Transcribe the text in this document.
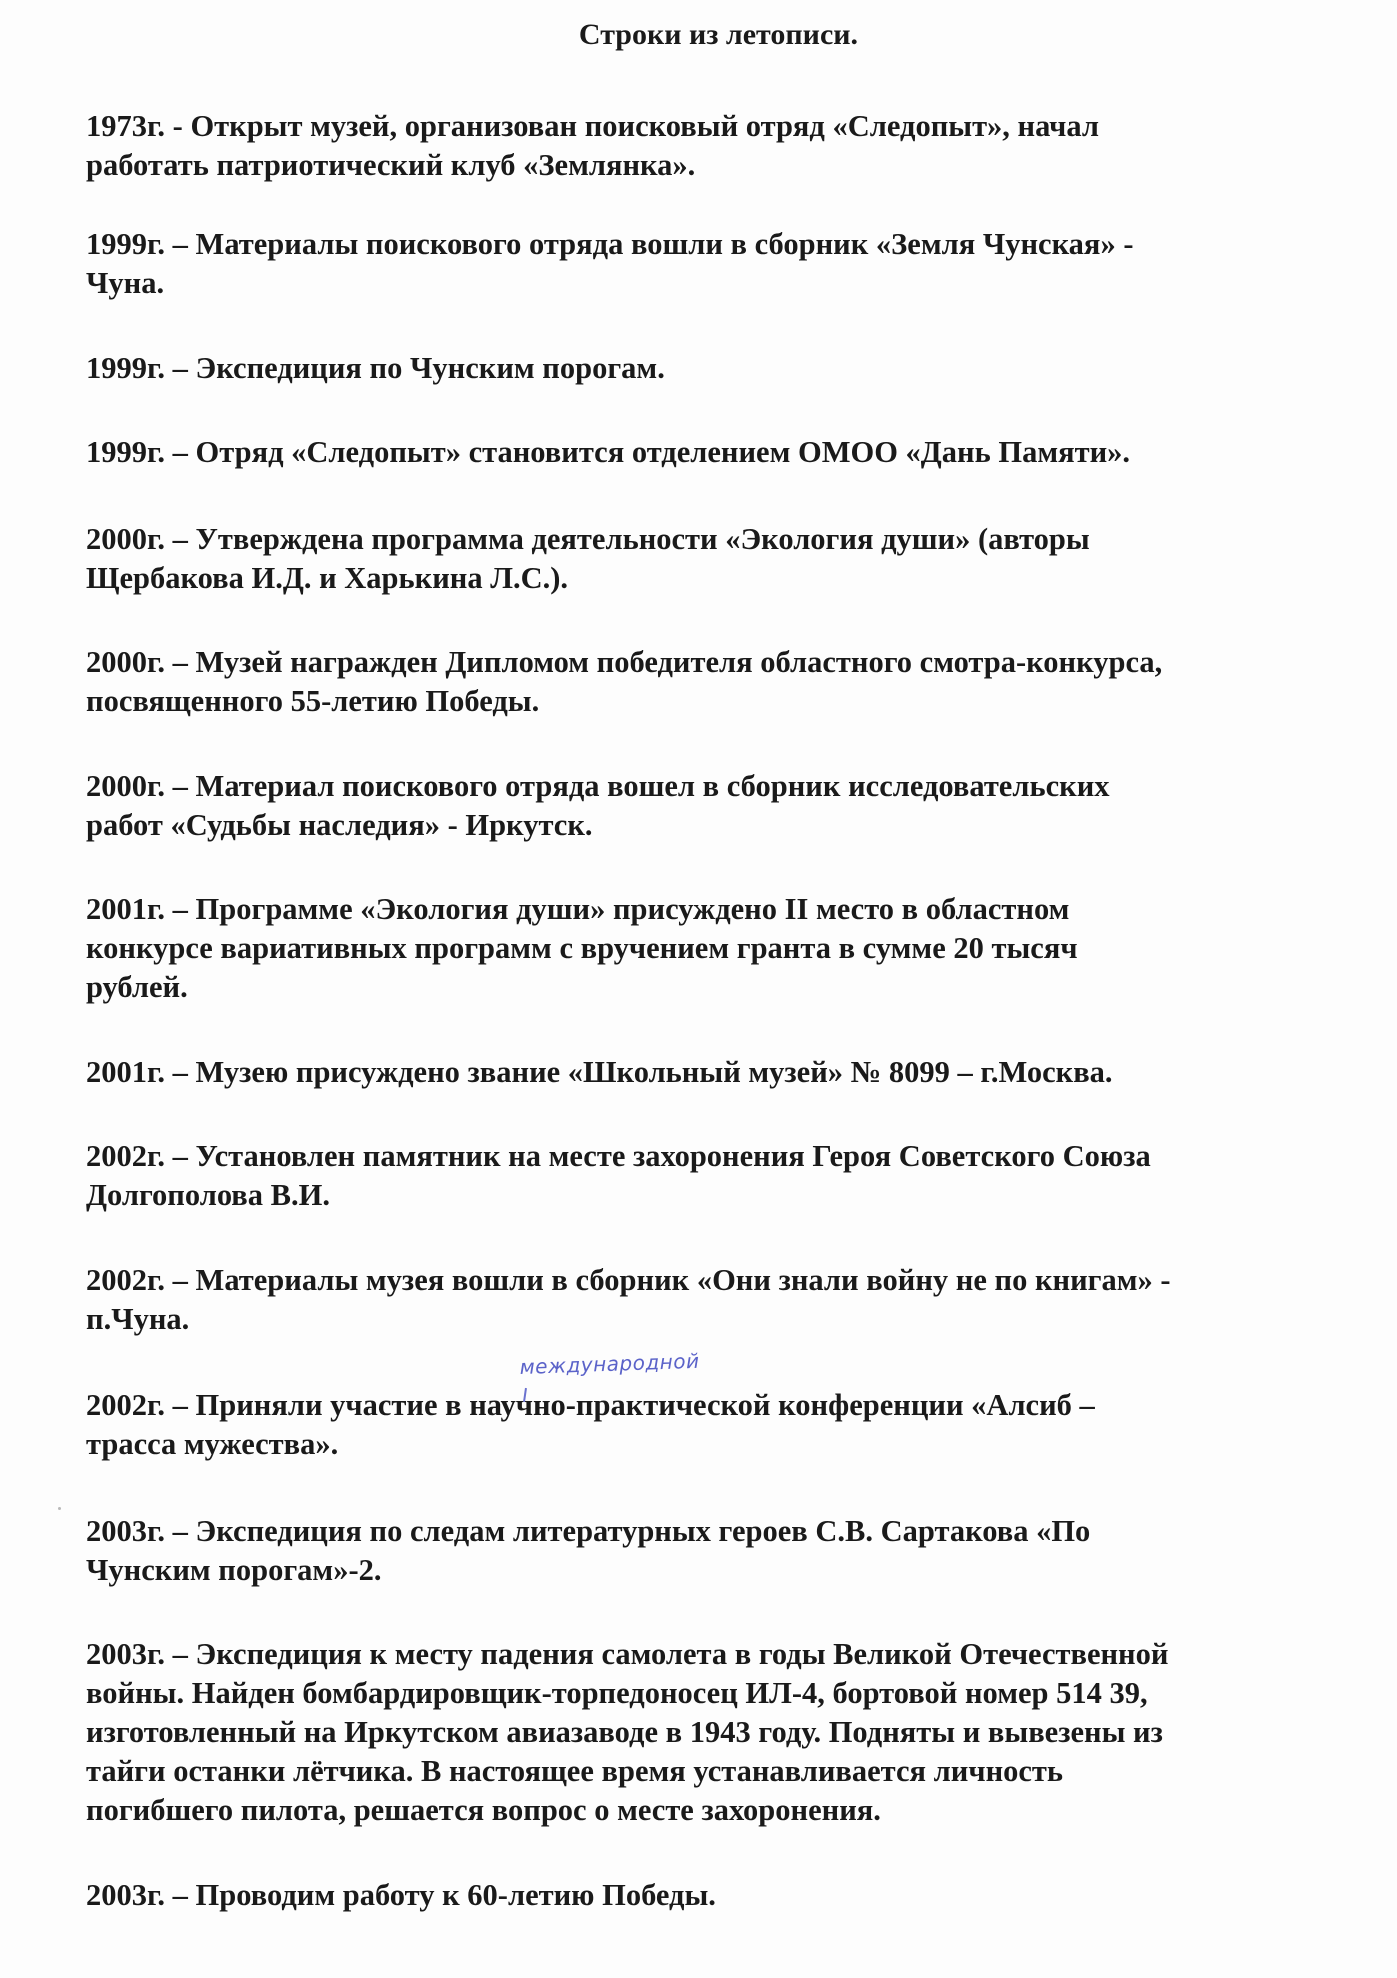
Строки из летописи.
1973г. - Открыт музей, организован поисковый отряд «Следопыт», начал
работать патриотический клуб «Землянка».
1999г. – Материалы поискового отряда вошли в сборник «Земля Чунская» -
Чуна.
1999г. – Экспедиция по Чунским порогам.
1999г. – Отряд «Следопыт» становится отделением ОМОО «Дань Памяти».
2000г. – Утверждена программа деятельности «Экология души» (авторы
Щербакова И.Д. и Харькина Л.С.).
2000г. – Музей награжден Дипломом победителя областного смотра-конкурса,
посвященного 55-летию Победы.
2000г. – Материал поискового отряда вошел в сборник исследовательских
работ «Судьбы наследия» - Иркутск.
2001г. – Программе «Экология души» присуждено II место в областном
конкурсе вариативных программ с вручением гранта в сумме 20 тысяч
рублей.
2001г. – Музею присуждено звание «Школьный музей» № 8099 – г.Москва.
2002г. – Установлен памятник на месте захоронения Героя Советского Союза
Долгополова В.И.
2002г. – Материалы музея вошли в сборник «Они знали войну не по книгам» -
п.Чуна.
международной
2002г. – Приняли участие в научно-практической конференции «Алсиб –
трасса мужества».
2003г. – Экспедиция по следам литературных героев С.В. Сартакова «По
Чунским порогам»-2.
2003г. – Экспедиция к месту падения самолета в годы Великой Отечественной
войны. Найден бомбардировщик-торпедоносец ИЛ-4, бортовой номер 514 39,
изготовленный на Иркутском авиазаводе в 1943 году. Подняты и вывезены из
тайги останки лётчика. В настоящее время устанавливается личность
погибшего пилота, решается вопрос о месте захоронения.
2003г. – Проводим работу к 60-летию Победы.
